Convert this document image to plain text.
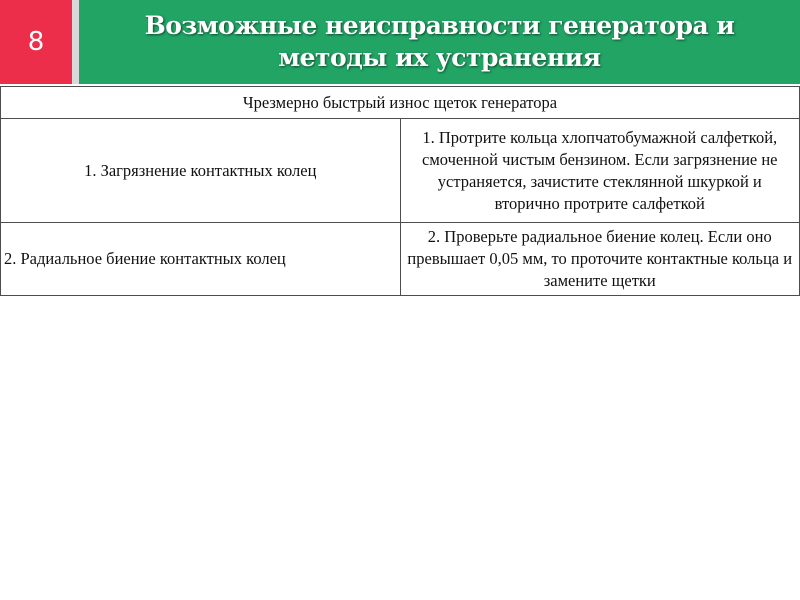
8
Возможные неисправности генератора и методы их устранения
Чрезмерно быстрый износ щеток генератора	
1. Загрязнение контактных колец	1. Протрите кольца хлопчатобумажной салфеткой, смоченной чистым бензином. Если загрязнение не устраняется, зачистите стеклянной шкуркой и вторично протрите салфеткой
2. Радиальное биение контактных колец	2. Проверьте радиальное биение колец. Если оно превышает 0,05 мм, то проточите контактные кольца и замените щетки
